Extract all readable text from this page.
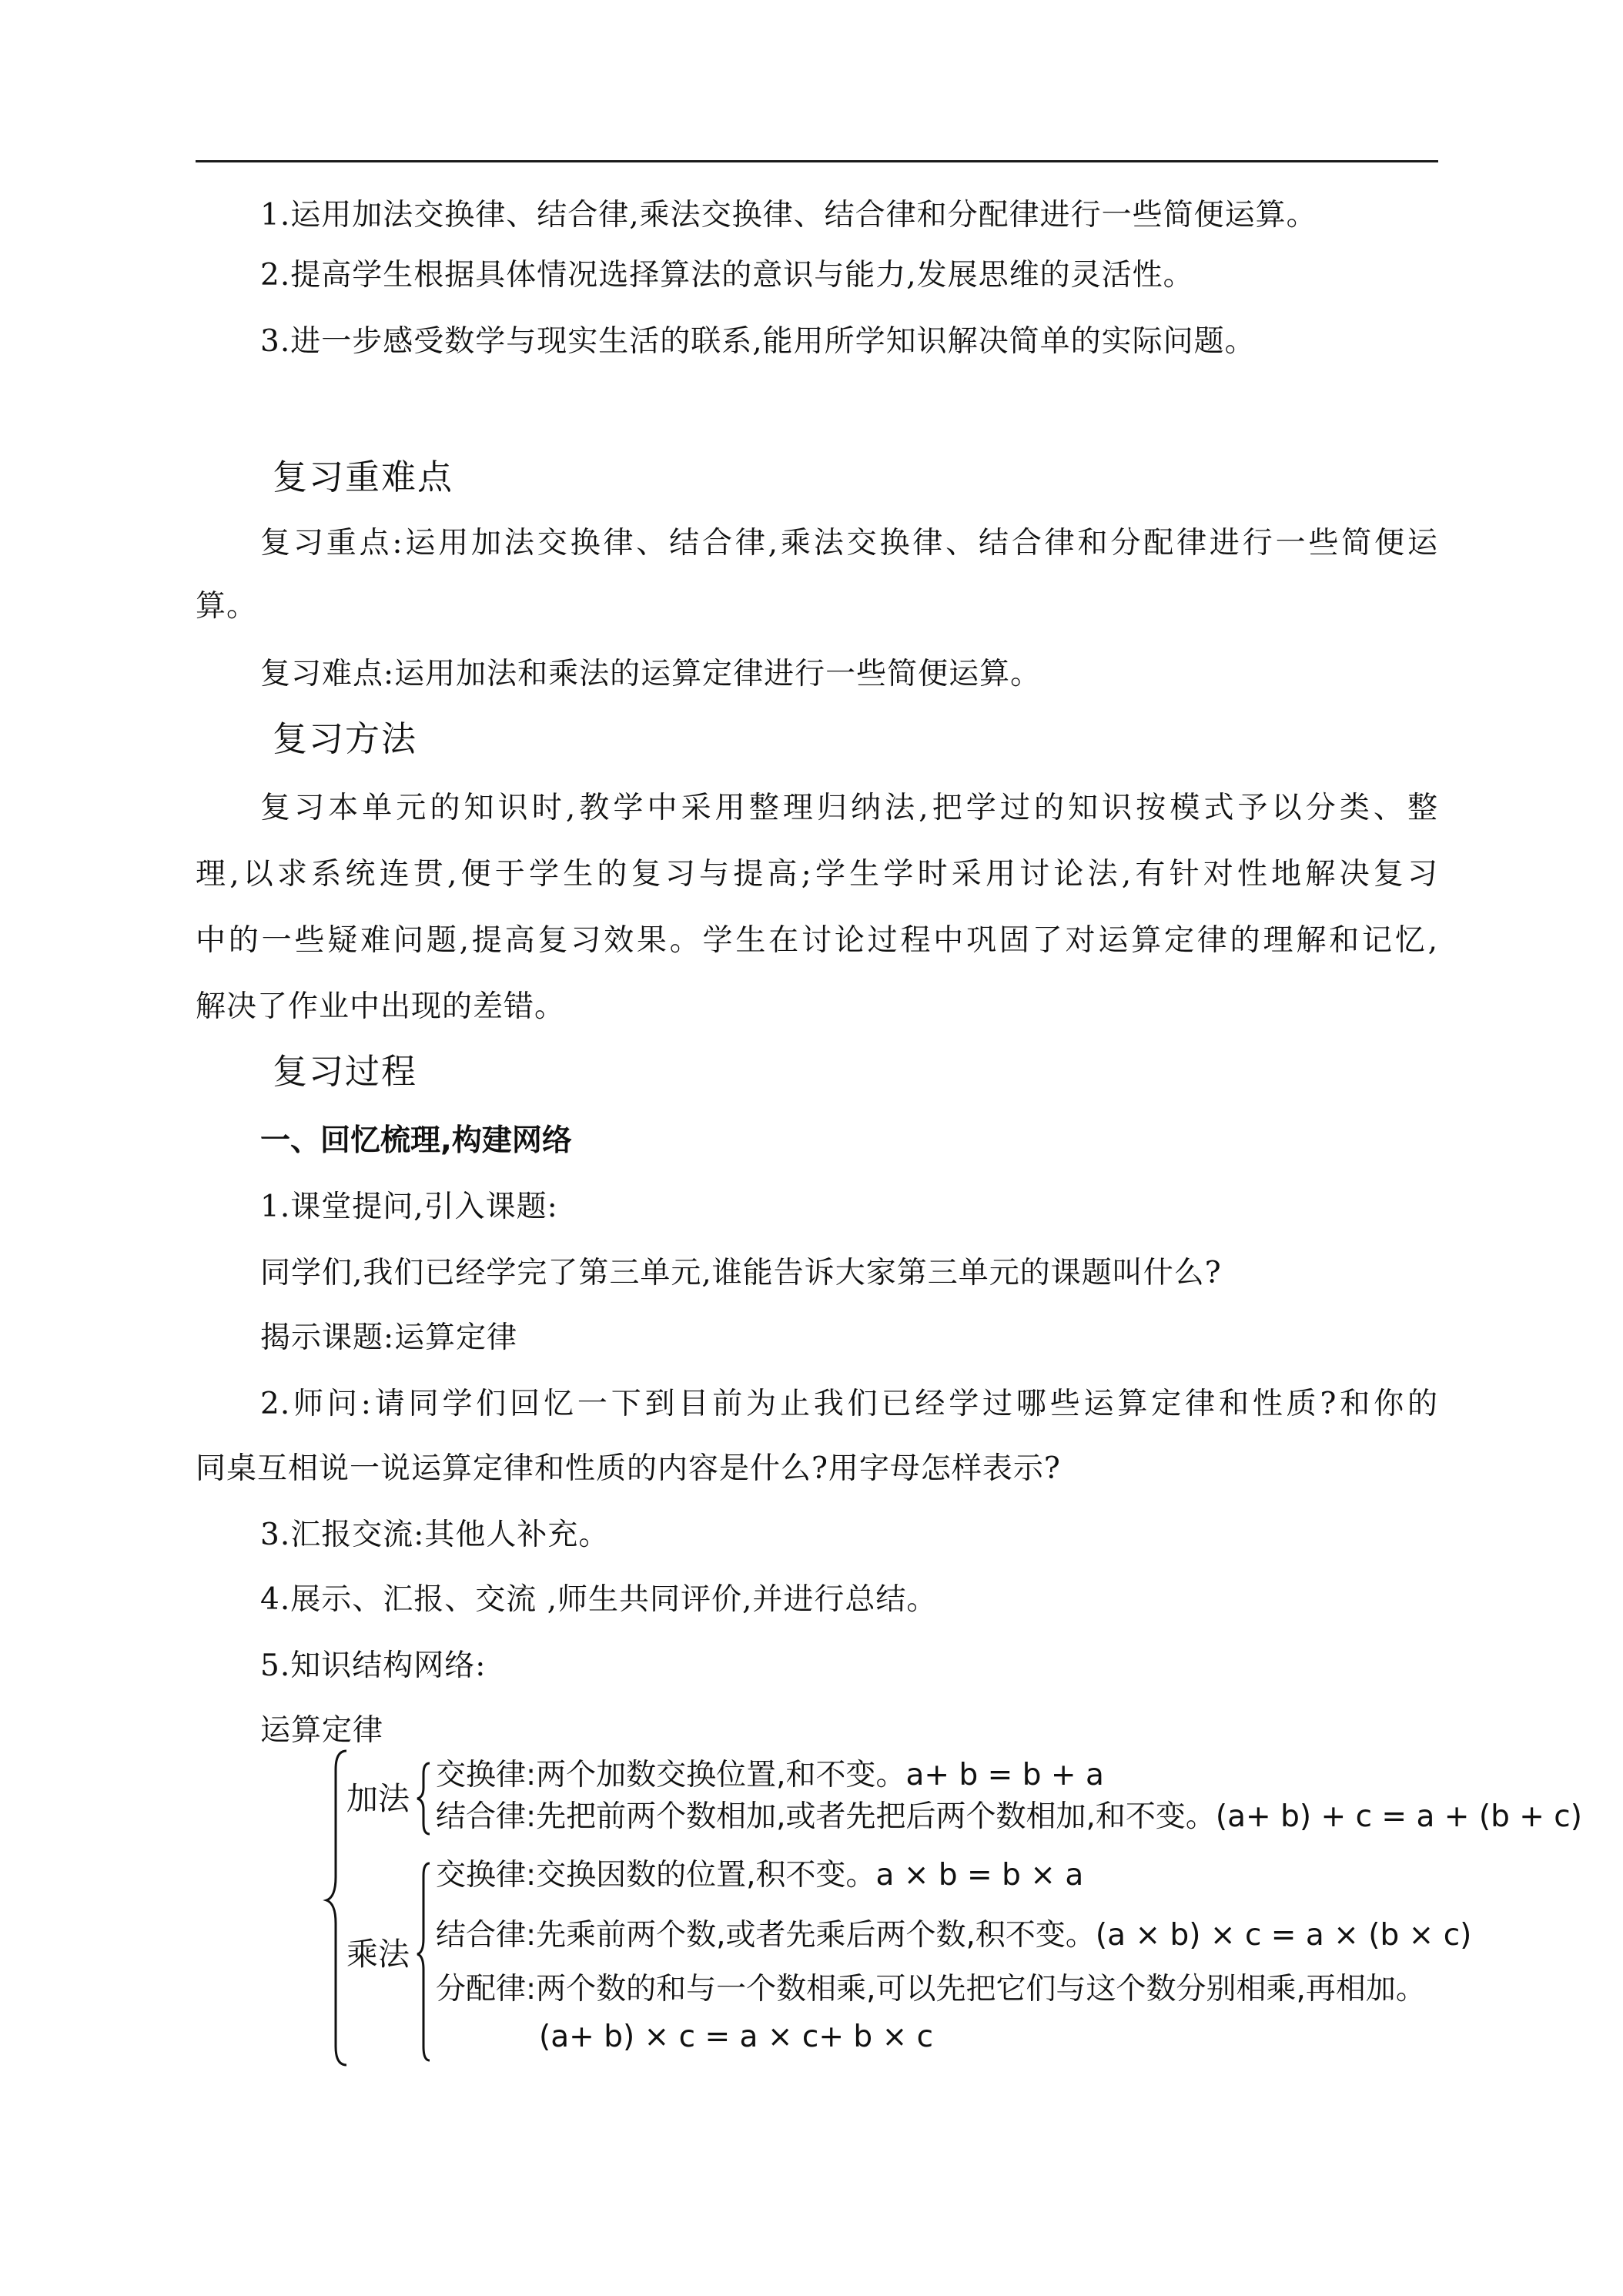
1.运用加法交换律、结合律,乘法交换律、结合律和分配律进行一些简便运算。
2.提高学生根据具体情况选择算法的意识与能力,发展思维的灵活性。
3.进一步感受数学与现实生活的联系,能用所学知识解决简单的实际问题。
复习重难点
复习重点:运用加法交换律、结合律,乘法交换律、结合律和分配律进行一些简便运
算。
复习难点:运用加法和乘法的运算定律进行一些简便运算。
复习方法
复习本单元的知识时,教学中采用整理归纳法,把学过的知识按模式予以分类、整
理,以求系统连贯,便于学生的复习与提高;学生学时采用讨论法,有针对性地解决复习
中的一些疑难问题,提高复习效果。学生在讨论过程中巩固了对运算定律的理解和记忆,
解决了作业中出现的差错。
复习过程
一、回忆梳理,构建网络
1.课堂提问,引入课题:
同学们,我们已经学完了第三单元,谁能告诉大家第三单元的课题叫什么?
揭示课题:运算定律
2.师问:请同学们回忆一下到目前为止我们已经学过哪些运算定律和性质?和你的
同桌互相说一说运算定律和性质的内容是什么?用字母怎样表示?
3.汇报交流:其他人补充。
4.展示、汇报、交流 ,师生共同评价,并进行总结。
5.知识结构网络:
运算定律
加法
交换律:两个加数交换位置,和不变。a+ b = b + a
结合律:先把前两个数相加,或者先把后两个数相加,和不变。(a+ b) + c = a + (b + c)
乘法
交换律:交换因数的位置,积不变。a × b = b × a
结合律:先乘前两个数,或者先乘后两个数,积不变。(a × b) × c = a × (b × c)
分配律:两个数的和与一个数相乘,可以先把它们与这个数分别相乘,再相加。
(a+ b) × c = a × c+ b × c
